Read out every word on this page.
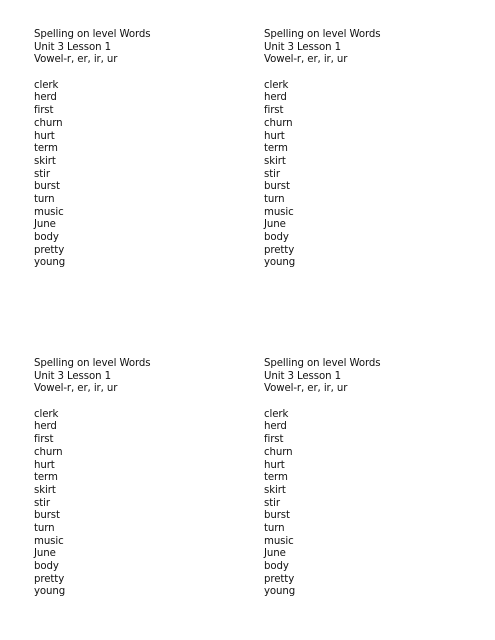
Spelling on level Words
Unit 3 Lesson 1
Vowel-r, er, ir, ur
clerk
herd
first
churn
hurt
term
skirt
stir
burst
turn
music
June
body
pretty
young
Spelling on level Words
Unit 3 Lesson 1
Vowel-r, er, ir, ur
clerk
herd
first
churn
hurt
term
skirt
stir
burst
turn
music
June
body
pretty
young
Spelling on level Words
Unit 3 Lesson 1
Vowel-r, er, ir, ur
clerk
herd
first
churn
hurt
term
skirt
stir
burst
turn
music
June
body
pretty
young
Spelling on level Words
Unit 3 Lesson 1
Vowel-r, er, ir, ur
clerk
herd
first
churn
hurt
term
skirt
stir
burst
turn
music
June
body
pretty
young
